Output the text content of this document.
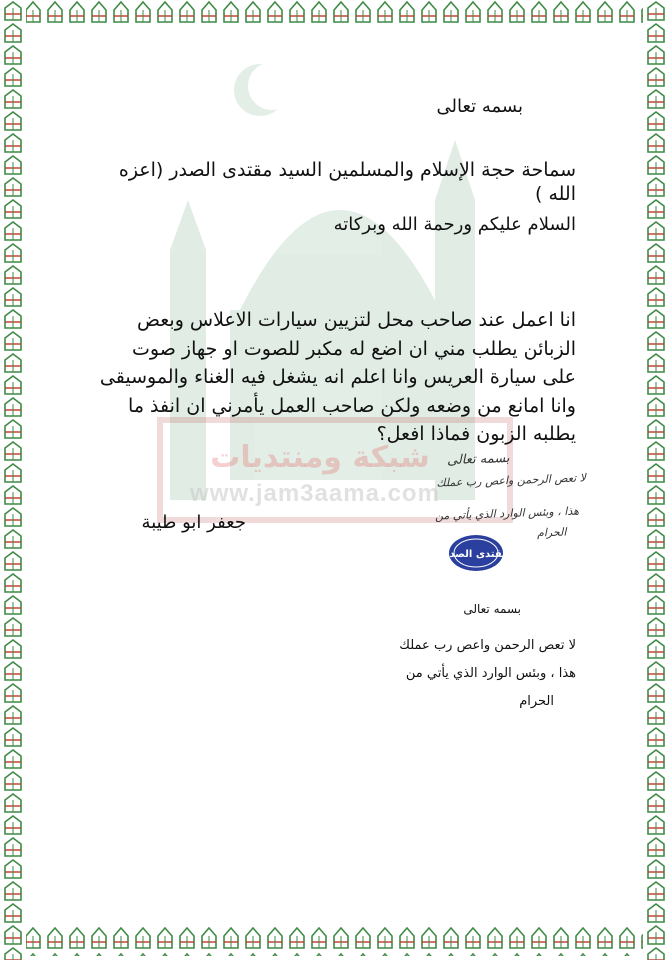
شبكة ومنتديات
www.jam3aama.com
بسمه تعالى
سماحة حجة الإسلام والمسلمين السيد مقتدى الصدر (اعزه الله )
السلام عليكم ورحمة الله وبركاته
انا اعمل عند صاحب محل لتزيين سيارات الاعلاس وبعض الزبائن يطلب مني ان اضع له مكبر للصوت او جهاز صوت على سيارة العريس وانا اعلم انه يشغل فيه الغناء والموسيقى وانا امانع من وضعه ولكن صاحب العمل يأمرني ان انفذ ما يطلبه الزبون فماذا افعل؟
جعفر ابو طيبة
بسمه تعالى
لا تعص الرحمن واعص رب عملك
هذا ، وبئس الوارد الذي يأتي من
الحرام
مقتدى الصدر
بسمه تعالى
لا تعص الرحمن واعص رب عملك
هذا ، وبئس الوارد الذي يأتي من
الحرام
